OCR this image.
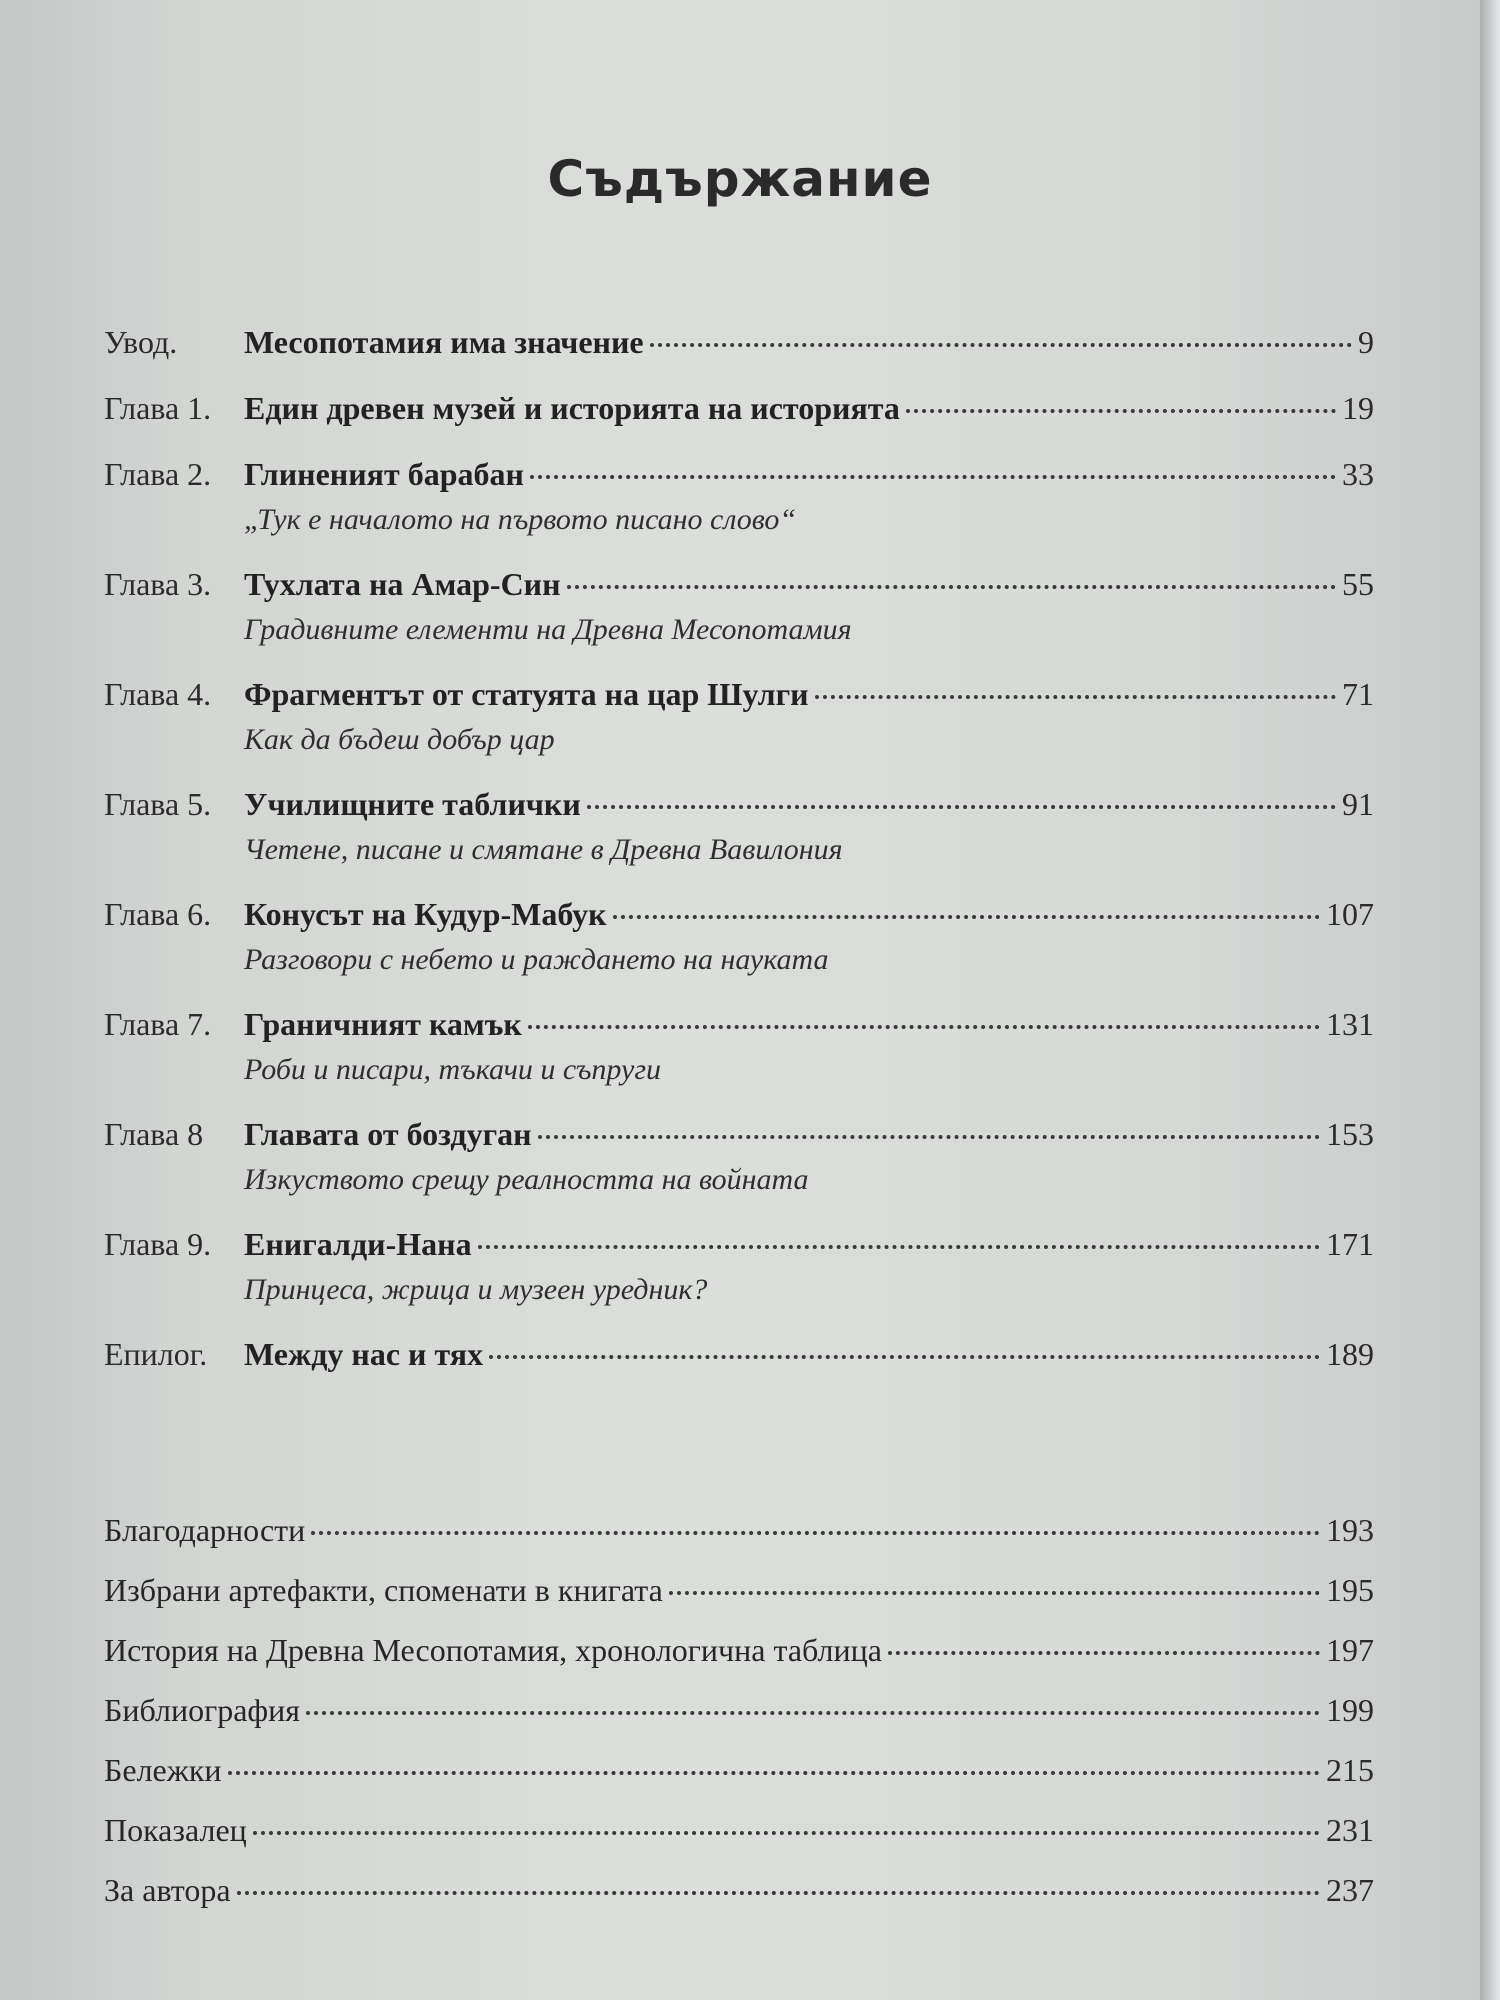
Съдържание
Увод.	Месопотамия има значение	9
Глава 1.	Един древен музей и историята на историята	19
Глава 2.	Глиненият барабан	33
„Тук е началото на първото писано слово“
Глава 3.	Тухлата на Амар-Син	55
Градивните елементи на Древна Месопотамия
Глава 4.	Фрагментът от статуята на цар Шулги	71
Как да бъдеш добър цар
Глава 5.	Училищните таблички	91
Четене, писане и смятане в Древна Вавилония
Глава 6.	Конусът на Кудур-Мабук	107
Разговори с небето и раждането на науката
Глава 7.	Граничният камък	131
Роби и писари, тъкачи и съпруги
Глава 8	Главата от боздуган	153
Изкуството срещу реалността на войната
Глава 9.	Енигалди-Нана	171
Принцеса, жрица и музеен уредник?
Епилог.	Между нас и тях	189
Благодарности	193
Избрани артефакти, споменати в книгата	195
История на Древна Месопотамия, хронологична таблица	197
Библиография	199
Бележки	215
Показалец	231
За автора	237
